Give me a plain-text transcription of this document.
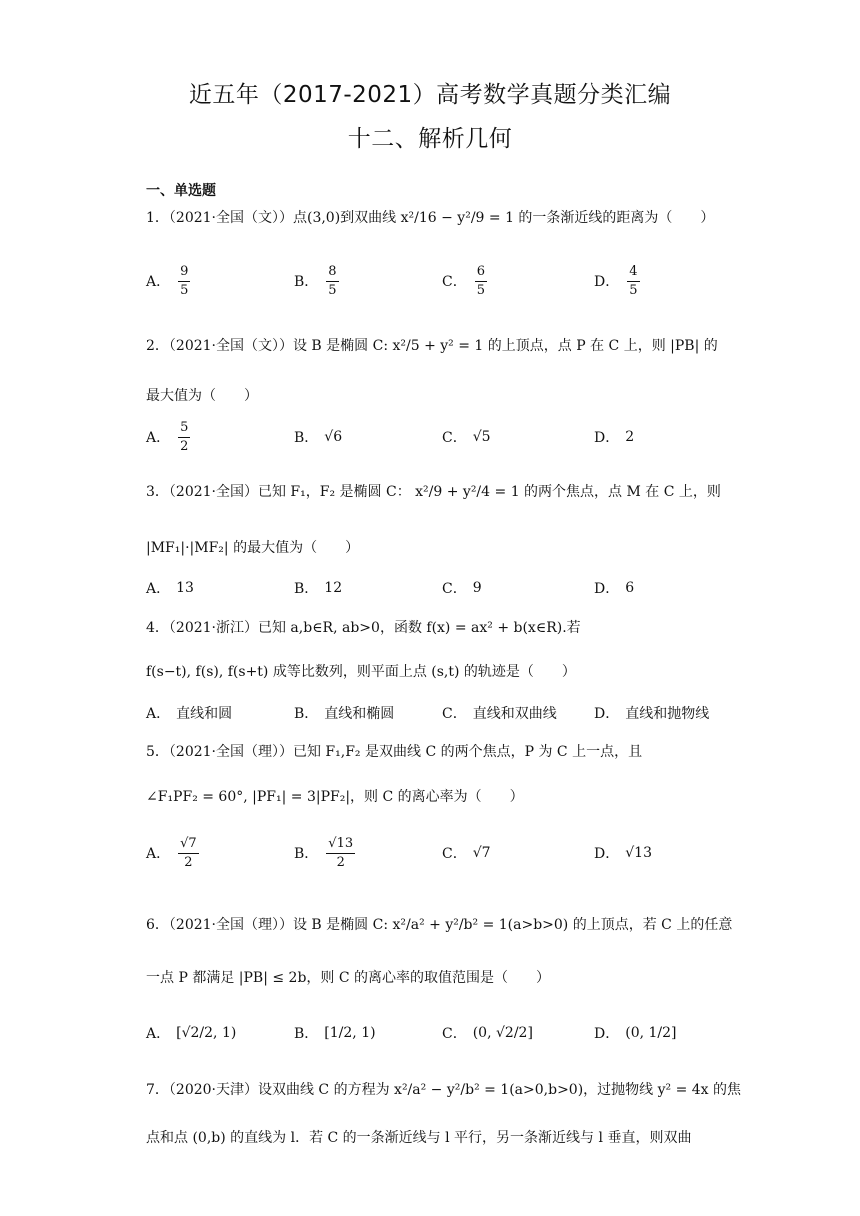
近五年（2017-2021）高考数学真题分类汇编
十二、解析几何
一、单选题
1．（2021·全国（文））点(3,0)到双曲线 x²/16 − y²/9 = 1 的一条渐近线的距离为（　　）
A． $\frac{9}{5}$	B． $\frac{8}{5}$	C． $\frac{6}{5}$	D． $\frac{4}{5}$
2．（2021·全国（文））设 B 是椭圆 C: x²/5 + y² = 1 的上顶点，点 P 在 C 上，则 |PB| 的
最大值为（　　）
A． $\frac{5}{2}$	B． √6	C． √5	D． 2
3．（2021·全国）已知 F₁，F₂ 是椭圆 C： x²/9 + y²/4 = 1 的两个焦点，点 M 在 C 上，则
|MF₁|·|MF₂| 的最大值为（　　）
A． 13	B． 12	C． 9	D． 6
4．（2021·浙江）已知 a,b∈R, ab>0，函数 f(x) = ax² + b(x∈R).若
f(s−t), f(s), f(s+t) 成等比数列，则平面上点 (s,t) 的轨迹是（　　）
A． 直线和圆	B． 直线和椭圆	C． 直线和双曲线	D． 直线和抛物线
5．（2021·全国（理））已知 F₁,F₂ 是双曲线 C 的两个焦点，P 为 C 上一点，且
∠F₁PF₂ = 60°, |PF₁| = 3|PF₂|，则 C 的离心率为（　　）
A． $\frac{√7}{2}$	B． $\frac{√13}{2}$	C． √7	D． √13
6．（2021·全国（理））设 B 是椭圆 C: x²/a² + y²/b² = 1(a>b>0) 的上顶点，若 C 上的任意
一点 P 都满足 |PB| ≤ 2b，则 C 的离心率的取值范围是（　　）
A． [√2/2, 1)	B． [1/2, 1)	C． (0, √2/2]	D． (0, 1/2]
7．（2020·天津）设双曲线 C 的方程为 x²/a² − y²/b² = 1(a>0,b>0)，过抛物线 y² = 4x 的焦
点和点 (0,b) 的直线为 l．若 C 的一条渐近线与 l 平行，另一条渐近线与 l 垂直，则双曲
